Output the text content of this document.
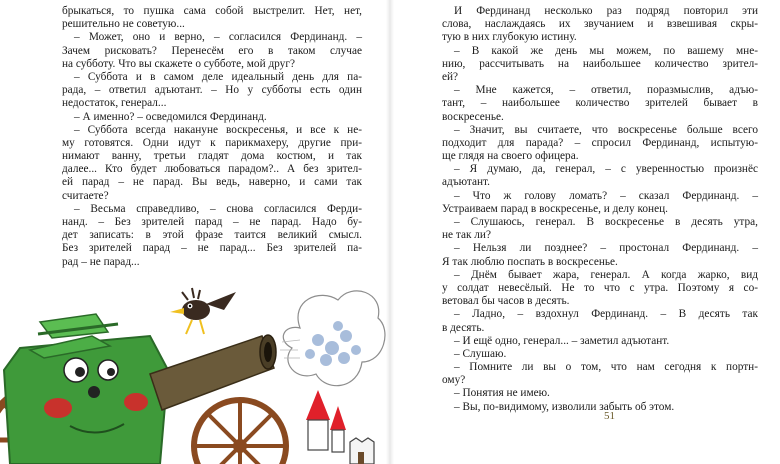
брыкаться, то пушка сама собой выстрелит. Нет, нет,
решительно не советую...
– Может, оно и верно, – согласился Фердинанд. –
Зачем рисковать? Перенесём его в таком случае
на субботу. Что вы скажете о субботе, мой друг?
– Суббота и в самом деле идеальный день для па-
рада, – ответил адъютант. – Но у субботы есть один
недостаток, генерал...
– А именно? – осведомился Фердинанд.
– Суббота всегда накануне воскресенья, и все к не-
му готовятся. Одни идут к парикмахеру, другие при-
нимают ванну, третьи гладят дома костюм, и так
далее... Кто будет любоваться парадом?.. А без зрител-
ей парад – не парад. Вы ведь, наверно, и сами так
считаете?
– Весьма справедливо, – снова согласился Ферди-
нанд. – Без зрителей парад – не парад. Надо бу-
дет записать: в этой фразе таится великий смысл.
Без зрителей парад – не парад... Без зрителей па-
рад – не парад...
И Фердинанд несколько раз подряд повторил эти
слова, наслаждаясь их звучанием и взвешивая скры-
тую в них глубокую истину.
– В какой же день мы можем, по вашему мне-
нию, рассчитывать на наибольшее количество зрител-
ей?
– Мне кажется, – ответил, поразмыслив, адъю-
тант, – наибольшее количество зрителей бывает в
воскресенье.
– Значит, вы считаете, что воскресенье больше всего
подходит для парада? – спросил Фердинанд, испытую-
ще глядя на своего офицера.
– Я думаю, да, генерал, – с уверенностью произнёс
адъютант.
– Что ж голову ломать? – сказал Фердинанд. –
Устраиваем парад в воскресенье, и делу конец.
– Слушаюсь, генерал. В воскресенье в десять утра,
не так ли?
– Нельзя ли позднее? – простонал Фердинанд. –
Я так люблю поспать в воскресенье.
– Днём бывает жара, генерал. А когда жарко, вид
у солдат невесёлый. Не то что с утра. Поэтому я со-
ветовал бы часов в десять.
– Ладно, – вздохнул Фердинанд. – В десять так
в десять.
– И ещё одно, генерал... – заметил адъютант.
– Слушаю.
– Помните ли вы о том, что нам сегодня к портн-
ому?
– Понятия не имею.
– Вы, по-видимому, изволили забыть об этом.
51
